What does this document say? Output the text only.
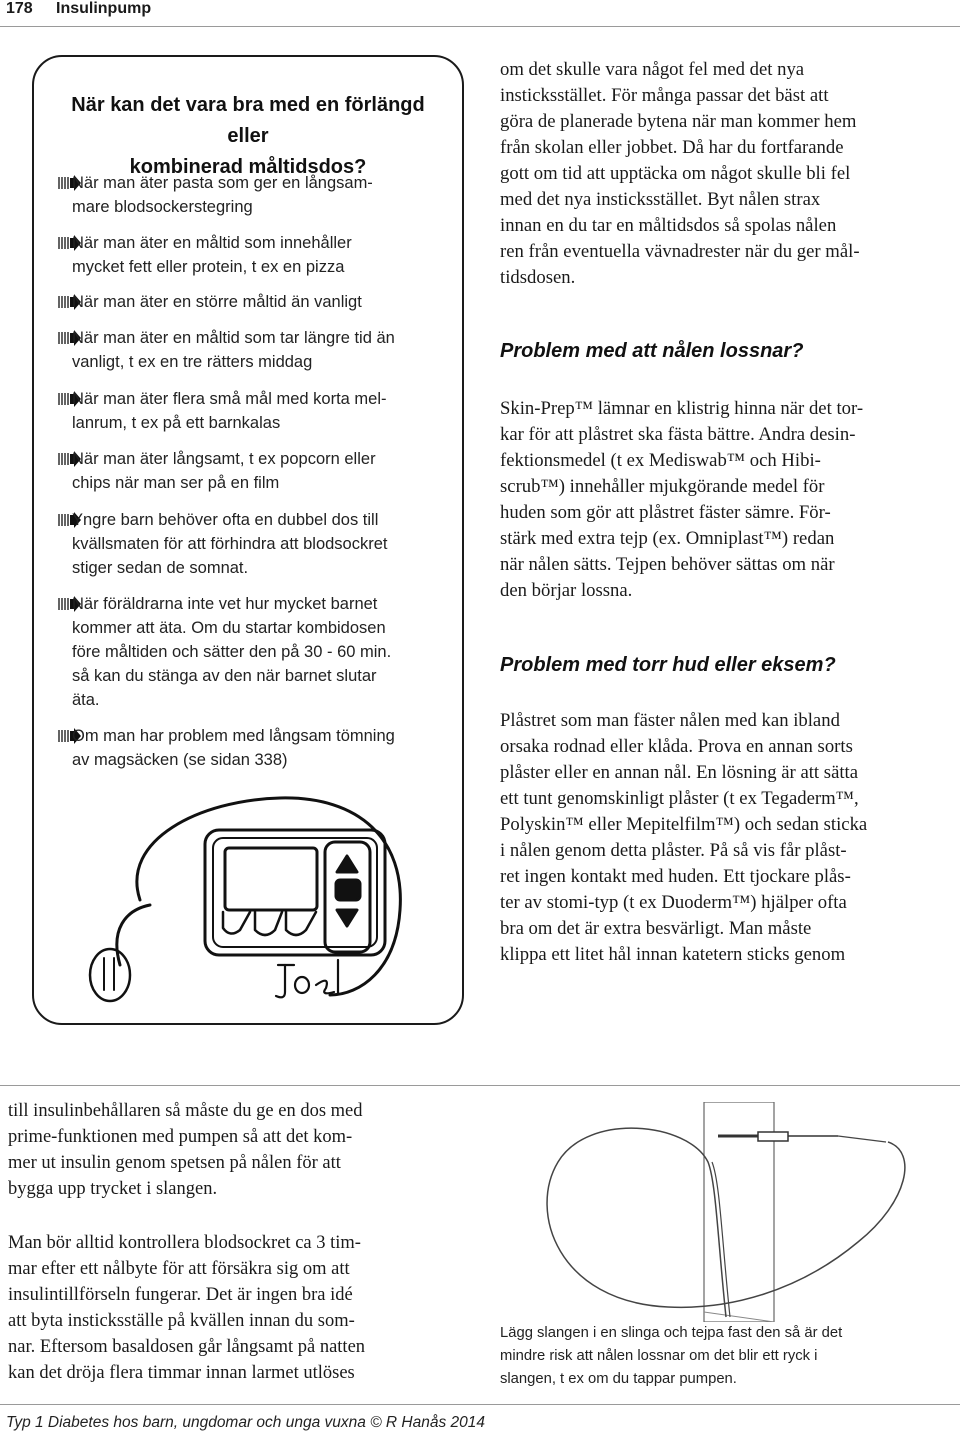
178 Insulinpump
När kan det vara bra med en förlängd eller
kombinerad måltidsdos?
När man äter pasta som ger en långsam-
mare blodsockerstegring
När man äter en måltid som innehåller
mycket fett eller protein, t ex en pizza
När man äter en större måltid än vanligt
När man äter en måltid som tar längre tid än
vanligt, t ex en tre rätters middag
När man äter flera små mål med korta mel-
lanrum, t ex på ett barnkalas
När man äter långsamt, t ex popcorn eller
chips när man ser på en film
Yngre barn behöver ofta en dubbel dos till
kvällsmaten för att förhindra att blodsockret
stiger sedan de somnat.
När föräldrarna inte vet hur mycket barnet
kommer att äta. Om du startar kombidosen
före måltiden och sätter den på 30 - 60 min.
så kan du stänga av den när barnet slutar
äta.
Om man har problem med långsam tömning
av magsäcken (se sidan 338)

om det skulle vara något fel med det nya
insticksstället. För många passar det bäst att
göra de planerade bytena när man kommer hem
från skolan eller jobbet. Då har du fortfarande
gott om tid att upptäcka om något skulle bli fel
med det nya insticksstället. Byt nålen strax
innan en du tar en måltidsdos så spolas nålen
ren från eventuella vävnadrester när du ger mål-
tidsdosen.

Problem med att nålen lossnar?

Skin-Prep™ lämnar en klistrig hinna när det tor-
kar för att plåstret ska fästa bättre. Andra desin-
fektionsmedel (t ex Mediswab™ och Hibi-
scrub™) innehåller mjukgörande medel för
huden som gör att plåstret fäster sämre. För-
stärk med extra tejp (ex. Omniplast™) redan
när nålen sätts. Tejpen behöver sättas om när
den börjar lossna.

Problem med torr hud eller eksem?

Plåstret som man fäster nålen med kan ibland
orsaka rodnad eller klåda. Prova en annan sorts
plåster eller en annan nål. En lösning är att sätta
ett tunt genomskinligt plåster (t ex Tegaderm™,
Polyskin™ eller Mepitelfilm™) och sedan sticka
i nålen genom detta plåster. På så vis får plåst-
ret ingen kontakt med huden. Ett tjockare plås-
ter av stomi-typ (t ex Duoderm™) hjälper ofta
bra om det är extra besvärligt. Man måste
klippa ett litet hål innan katetern sticks genom

till insulinbehållaren så måste du ge en dos med
prime-funktionen med pumpen så att det kom-
mer ut insulin genom spetsen på nålen för att
bygga upp trycket i slangen.

Man bör alltid kontrollera blodsockret ca 3 tim-
mar efter ett nålbyte för att försäkra sig om att
insulintillförseln fungerar. Det är ingen bra idé
att byta insticksställe på kvällen innan du som-
nar. Eftersom basaldosen går långsamt på natten
kan det dröja flera timmar innan larmet utlöses

Lägg slangen i en slinga och tejpa fast den så är det
mindre risk att nålen lossnar om det blir ett ryck i
slangen, t ex om du tappar pumpen.
Typ 1 Diabetes hos barn, ungdomar och unga vuxna © R Hanås 2014
